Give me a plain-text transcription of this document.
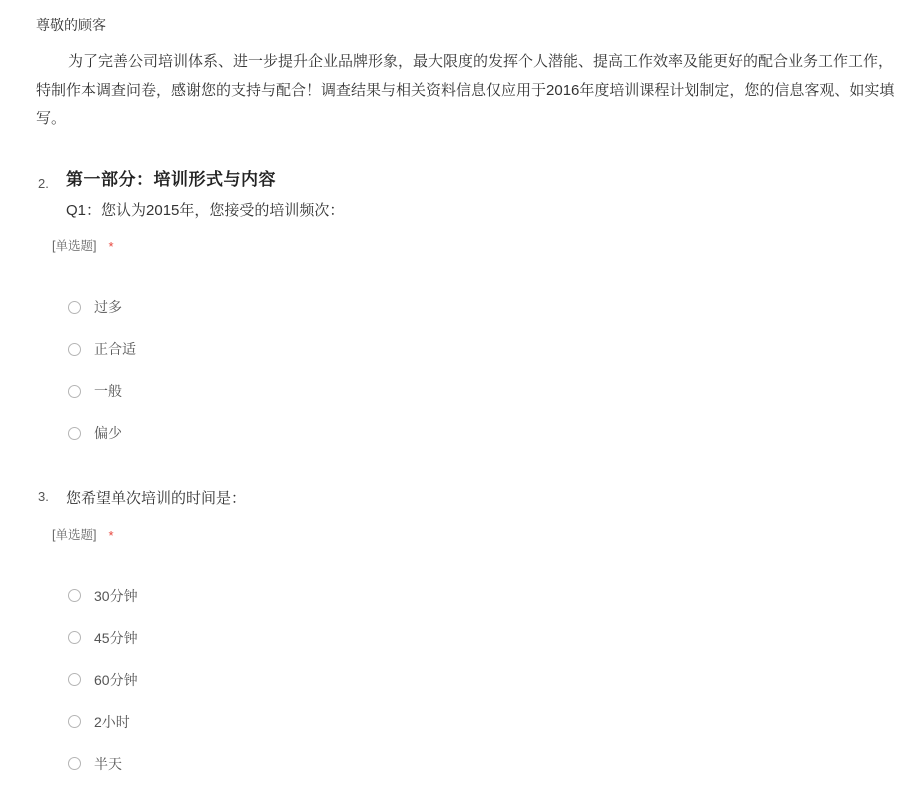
尊敬的顾客
为了完善公司培训体系、进一步提升企业品牌形象，最大限度的发挥个人潜能、提高工作效率及能更好的配合业务工作工作，特制作本调查问卷，感谢您的支持与配合！调查结果与相关资料信息仅应用于2016年度培训课程计划制定，您的信息客观、如实填写。
2. 第一部分：培训形式与内容
Q1：您认为2015年，您接受的培训频次：
[单选题] *
过多
正合适
一般
偏少
3. 您希望单次培训的时间是：
[单选题] *
30分钟
45分钟
60分钟
2小时
半天
